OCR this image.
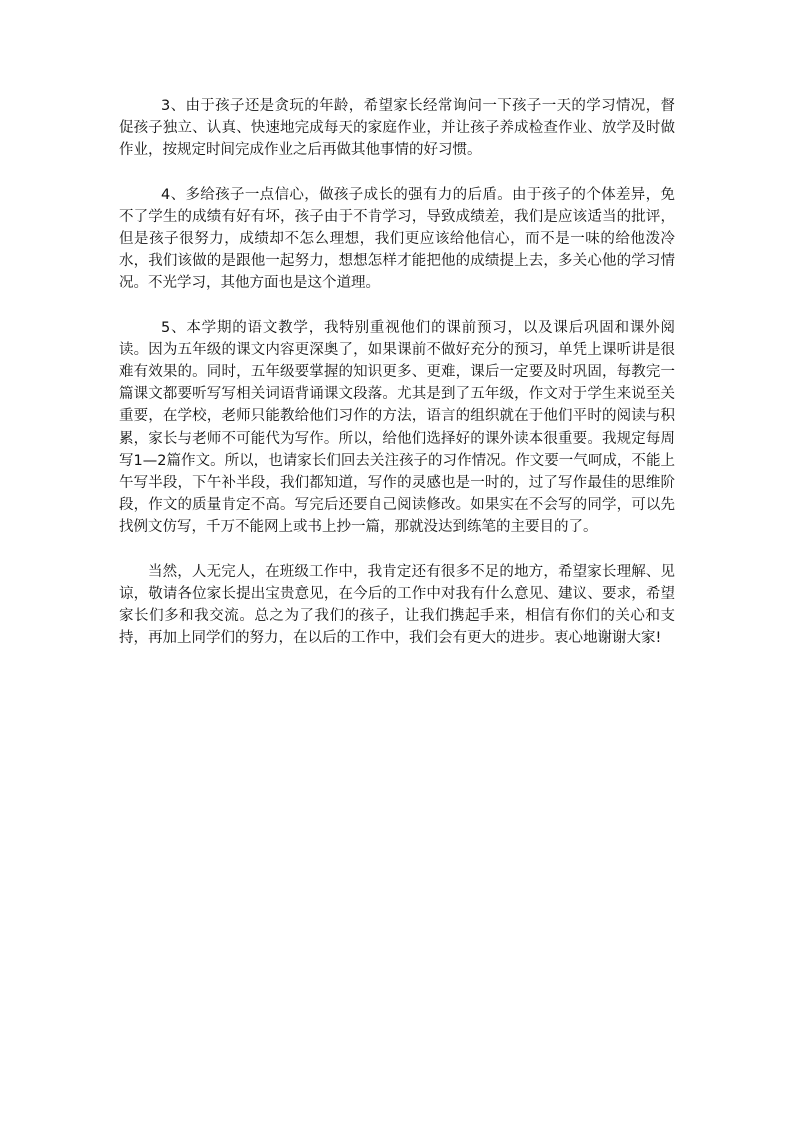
3、由于孩子还是贪玩的年龄，希望家长经常询问一下孩子一天的学习情况，督促孩子独立、认真、快速地完成每天的家庭作业，并让孩子养成检查作业、放学及时做作业，按规定时间完成作业之后再做其他事情的好习惯。

4、多给孩子一点信心，做孩子成长的强有力的后盾。由于孩子的个体差异，免不了学生的成绩有好有坏，孩子由于不肯学习，导致成绩差，我们是应该适当的批评，但是孩子很努力，成绩却不怎么理想，我们更应该给他信心，而不是一味的给他泼冷水，我们该做的是跟他一起努力，想想怎样才能把他的成绩提上去，多关心他的学习情况。不光学习，其他方面也是这个道理。

5、本学期的语文教学，我特别重视他们的课前预习，以及课后巩固和课外阅读。因为五年级的课文内容更深奥了，如果课前不做好充分的预习，单凭上课听讲是很难有效果的。同时，五年级要掌握的知识更多、更难，课后一定要及时巩固，每教完一篇课文都要听写写相关词语背诵课文段落。尤其是到了五年级，作文对于学生来说至关重要，在学校，老师只能教给他们习作的方法，语言的组织就在于他们平时的阅读与积累，家长与老师不可能代为写作。所以，给他们选择好的课外读本很重要。我规定每周写1—2篇作文。所以，也请家长们回去关注孩子的习作情况。作文要一气呵成，不能上午写半段，下午补半段，我们都知道，写作的灵感也是一时的，过了写作最佳的思维阶段，作文的质量肯定不高。写完后还要自己阅读修改。如果实在不会写的同学，可以先找例文仿写，千万不能网上或书上抄一篇，那就没达到练笔的主要目的了。

当然，人无完人，在班级工作中，我肯定还有很多不足的地方，希望家长理解、见谅，敬请各位家长提出宝贵意见，在今后的工作中对我有什么意见、建议、要求，希望家长们多和我交流。总之为了我们的孩子，让我们携起手来，相信有你们的关心和支持，再加上同学们的努力，在以后的工作中，我们会有更大的进步。衷心地谢谢大家!
